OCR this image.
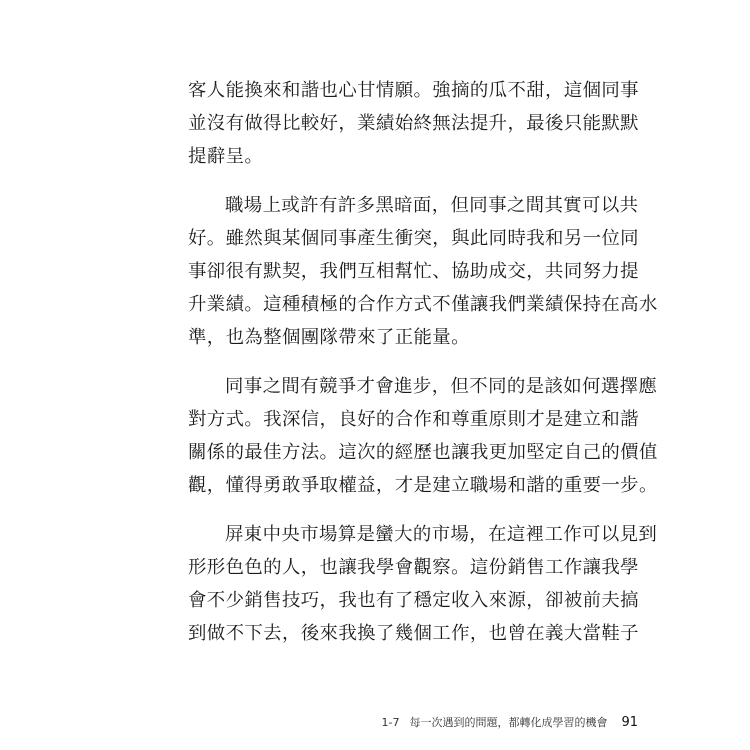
客人能換來和諧也心甘情願。強摘的瓜不甜，這個同事
並沒有做得比較好，業績始終無法提升，最後只能默默
提辭呈。
職場上或許有許多黑暗面，但同事之間其實可以共
好。雖然與某個同事產生衝突，與此同時我和另一位同
事卻很有默契，我們互相幫忙、協助成交，共同努力提
升業績。這種積極的合作方式不僅讓我們業績保持在高水
準，也為整個團隊帶來了正能量。
同事之間有競爭才會進步，但不同的是該如何選擇應
對方式。我深信，良好的合作和尊重原則才是建立和諧
關係的最佳方法。這次的經歷也讓我更加堅定自己的價值
觀，懂得勇敢爭取權益，才是建立職場和諧的重要一步。
屏東中央市場算是蠻大的市場，在這裡工作可以見到
形形色色的人，也讓我學會觀察。這份銷售工作讓我學
會不少銷售技巧，我也有了穩定收入來源，卻被前夫搞
到做不下去，後來我換了幾個工作，也曾在義大當鞋子
1-7 每一次遇到的問題，都轉化成學習的機會 91
